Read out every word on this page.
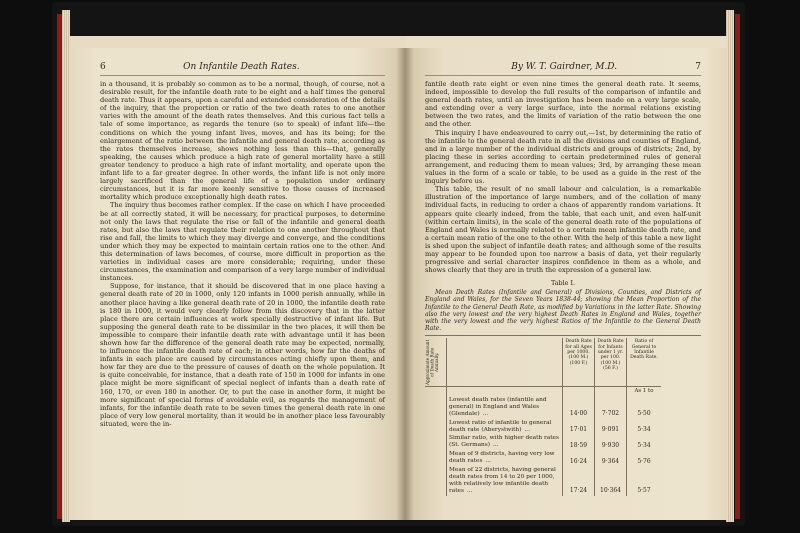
6	On Infantile Death Rates.

in a thousand, it is probably so common as to be a normal, though, of course, not a desirable result, for the infantile death rate to be eight and a half times the general death rate. Thus it appears, upon a careful and extended consideration of the details of the inquiry, that the proportion or ratio of the two death rates to one another varies with the amount of the death rates themselves. And this curious fact tells a tale of some importance, as regards the tenure (so to speak) of infant life—the conditions on which the young infant lives, moves, and has its being; for the enlargement of the ratio between the infantile and general death rate, according as the rates themselves increase, shows nothing less than this—that, generally speaking, the causes which produce a high rate of general mortality have a still greater tendency to produce a high rate of infant mortality, and operate upon the infant life to a far greater degree. In other words, the infant life is not only more largely sacrificed than the general life of a population under ordinary circumstances, but it is far more keenly sensitive to those causes of increased mortality which produce exceptionally high death rates.

The inquiry thus becomes rather complex. If the case on which I have proceeded be at all correctly stated, it will be necessary, for practical purposes, to determine not only the laws that regulate the rise or fall of the infantile and general death rates, but also the laws that regulate their relation to one another throughout that rise and fall, the limits to which they may diverge and converge, and the conditions under which they may be expected to maintain certain ratios one to the other. And this determination of laws becomes, of course, more difficult in proportion as the varieties in individual cases are more considerable; requiring, under these circumstances, the examination and comparison of a very large number of individual instances.

Suppose, for instance, that it should be discovered that in one place having a general death rate of 20 in 1000, only 120 infants in 1000 perish annually, while in another place having a like general death rate of 20 in 1000, the infantile death rate is 180 in 1000, it would very clearly follow from this discovery that in the latter place there are certain influences at work specially destructive of infant life. But supposing the general death rate to be dissimilar in the two places, it will then be impossible to compare their infantile death rate with advantage until it has been shown how far the difference of the general death rate may be expected, normally, to influence the infantile death rate of each; in other words, how far the deaths of infants in each place are caused by circumstances acting chiefly upon them, and how far they are due to the pressure of causes of death on the whole population. It is quite conceivable, for instance, that a death rate of 150 in 1000 for infants in one place might be more significant of special neglect of infants than a death rate of 160, 170, or even 180 in another. Or, to put the case in another form, it might be more significant of special forms of avoidable evil, as regards the management of infants, for the infantile death rate to be seven times the general death rate in one place of very low general mortality, than it would be in another place less favourably situated, were the in-

By W. T. Gairdner, M.D.	7

fantile death rate eight or even nine times the general death rate. It seems, indeed, impossible to develop the full results of the comparison of infantile and general death rates, until an investigation has been made on a very large scale, and extending over a very large surface, into the normal relations existing between the two rates, and the limits of variation of the ratio between the one and the other.

This inquiry I have endeavoured to carry out,—1st, by determining the ratio of the infantile to the general death rate in all the divisions and counties of England, and in a large number of the individual districts and groups of districts; 2nd, by placing these in series according to certain predetermined rules of general arrangement, and reducing them to mean values; 3rd, by arranging these mean values in the form of a scale or table, to be used as a guide in the rest of the inquiry before us.

This table, the result of no small labour and calculation, is a remarkable illustration of the importance of large numbers, and of the collation of many individual facts, in reducing to order a chaos of apparently random variations. It appears quite clearly indeed, from the table, that each unit, and even half-unit (within certain limits), in the scale of the general death rate of the populations of England and Wales is normally related to a certain mean infantile death rate, and a certain mean ratio of the one to the other. With the help of this table a new light is shed upon the subject of infantile death rates; and although some of the results may appear to be founded upon too narrow a basis of data, yet their regularly progressive and serial character inspires confidence in them as a whole, and shows clearly that they are in truth the expression of a general law.

Table I.

Mean Death Rates (Infantile and General) of Divisions, Counties, and Districts of England and Wales, for the Seven Years 1838-44; showing the Mean Proportion of the Infantile to the General Death Rate, as modified by Variations in the latter Rate. Showing also the very lowest and the very highest Death Rates in England and Wales, together with the very lowest and the very highest Ratios of the Infantile to the General Death Rate.

Approximate Amount of Death Rate Annually.
Death Rate for all Ages per 1000. (100 M.) (100 F.)
Death Rate for Infants under 1 yr. per 100. (100 M.) (56 F.)
Ratio of General to Infantile Death Rate.
As 1 to
Lowest death rates (infantile and general) in England and Wales (Glendale) ...	14·00	7·702	5·50
Lowest ratio of infantile to general death rate (Aberystwith) ...	17·01	9·091	5·34
Similar ratio, with higher death rates (St. Germans) ...	18·59	9·930	5·34
Mean of 9 districts, having very low death rates ...	16·24	9·364	5·76
Mean of 22 districts, having general death rates from 14 to 20 per 1000, with relatively low infantile death rates ...	17·24	10·364	5·57
